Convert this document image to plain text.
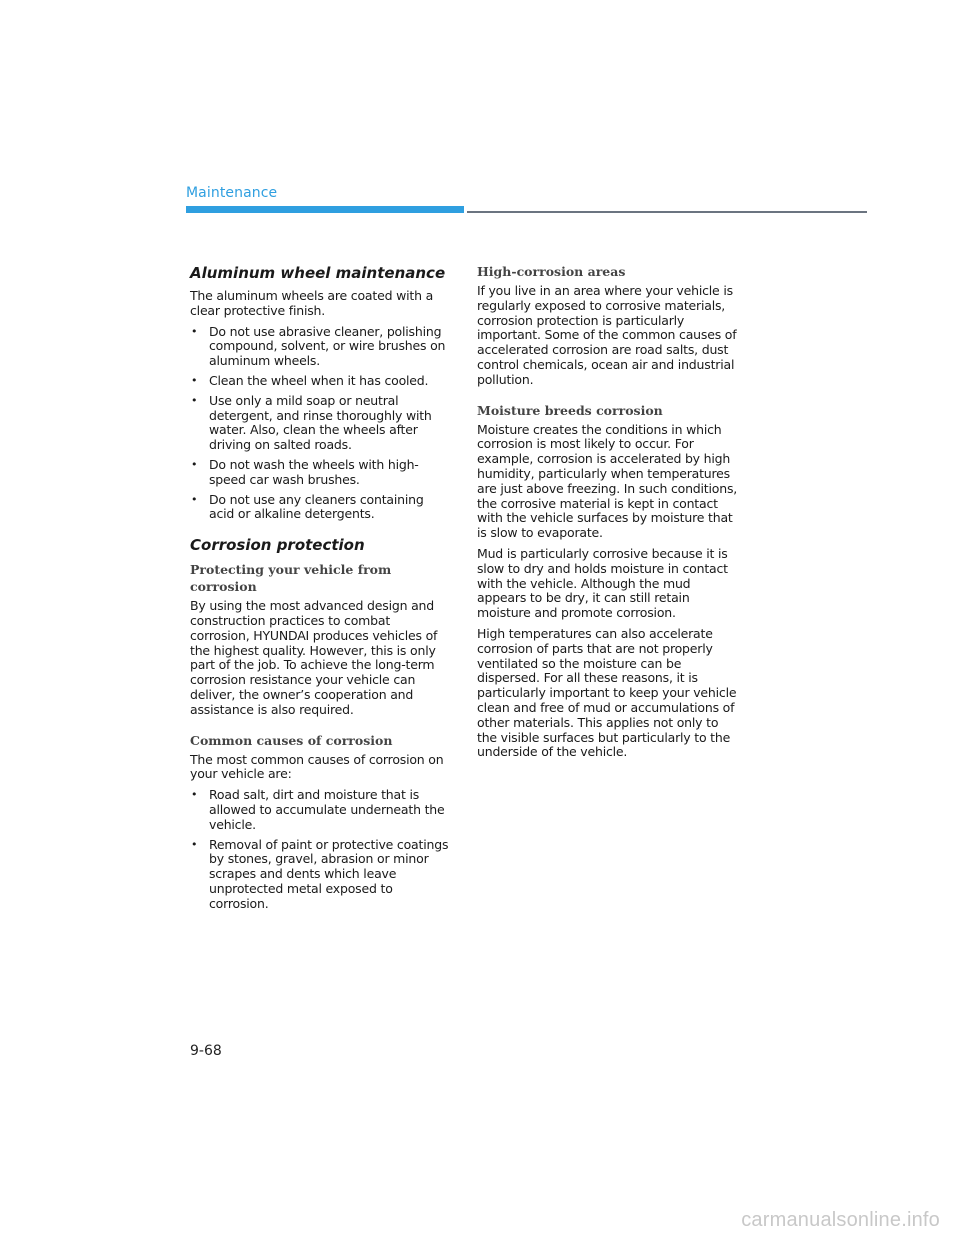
Maintenance
Aluminum wheel maintenance

The aluminum wheels are coated with a clear protective finish.

• Do not use abrasive cleaner, polishing compound, solvent, or wire brushes on aluminum wheels.
• Clean the wheel when it has cooled.
• Use only a mild soap or neutral detergent, and rinse thoroughly with water. Also, clean the wheels after driving on salted roads.
• Do not wash the wheels with high-speed car wash brushes.
• Do not use any cleaners containing acid or alkaline detergents.
Corrosion protection
Protecting your vehicle from corrosion

By using the most advanced design and construction practices to combat corrosion, HYUNDAI produces vehicles of the highest quality. However, this is only part of the job. To achieve the long-term corrosion resistance your vehicle can deliver, the owner’s cooperation and assistance is also required.

Common causes of corrosion

The most common causes of corrosion on your vehicle are:

• Road salt, dirt and moisture that is allowed to accumulate underneath the vehicle.
• Removal of paint or protective coatings by stones, gravel, abrasion or minor scrapes and dents which leave unprotected metal exposed to corrosion.
High-corrosion areas

If you live in an area where your vehicle is regularly exposed to corrosive materials, corrosion protection is particularly important. Some of the common causes of accelerated corrosion are road salts, dust control chemicals, ocean air and industrial pollution.

Moisture breeds corrosion

Moisture creates the conditions in which corrosion is most likely to occur. For example, corrosion is accelerated by high humidity, particularly when temperatures are just above freezing. In such conditions, the corrosive material is kept in contact with the vehicle surfaces by moisture that is slow to evaporate.

Mud is particularly corrosive because it is slow to dry and holds moisture in contact with the vehicle. Although the mud appears to be dry, it can still retain moisture and promote corrosion.

High temperatures can also accelerate corrosion of parts that are not properly ventilated so the moisture can be dispersed. For all these reasons, it is particularly important to keep your vehicle clean and free of mud or accumulations of other materials. This applies not only to the visible surfaces but particularly to the underside of the vehicle.

9-68
carmanualsonline.info
